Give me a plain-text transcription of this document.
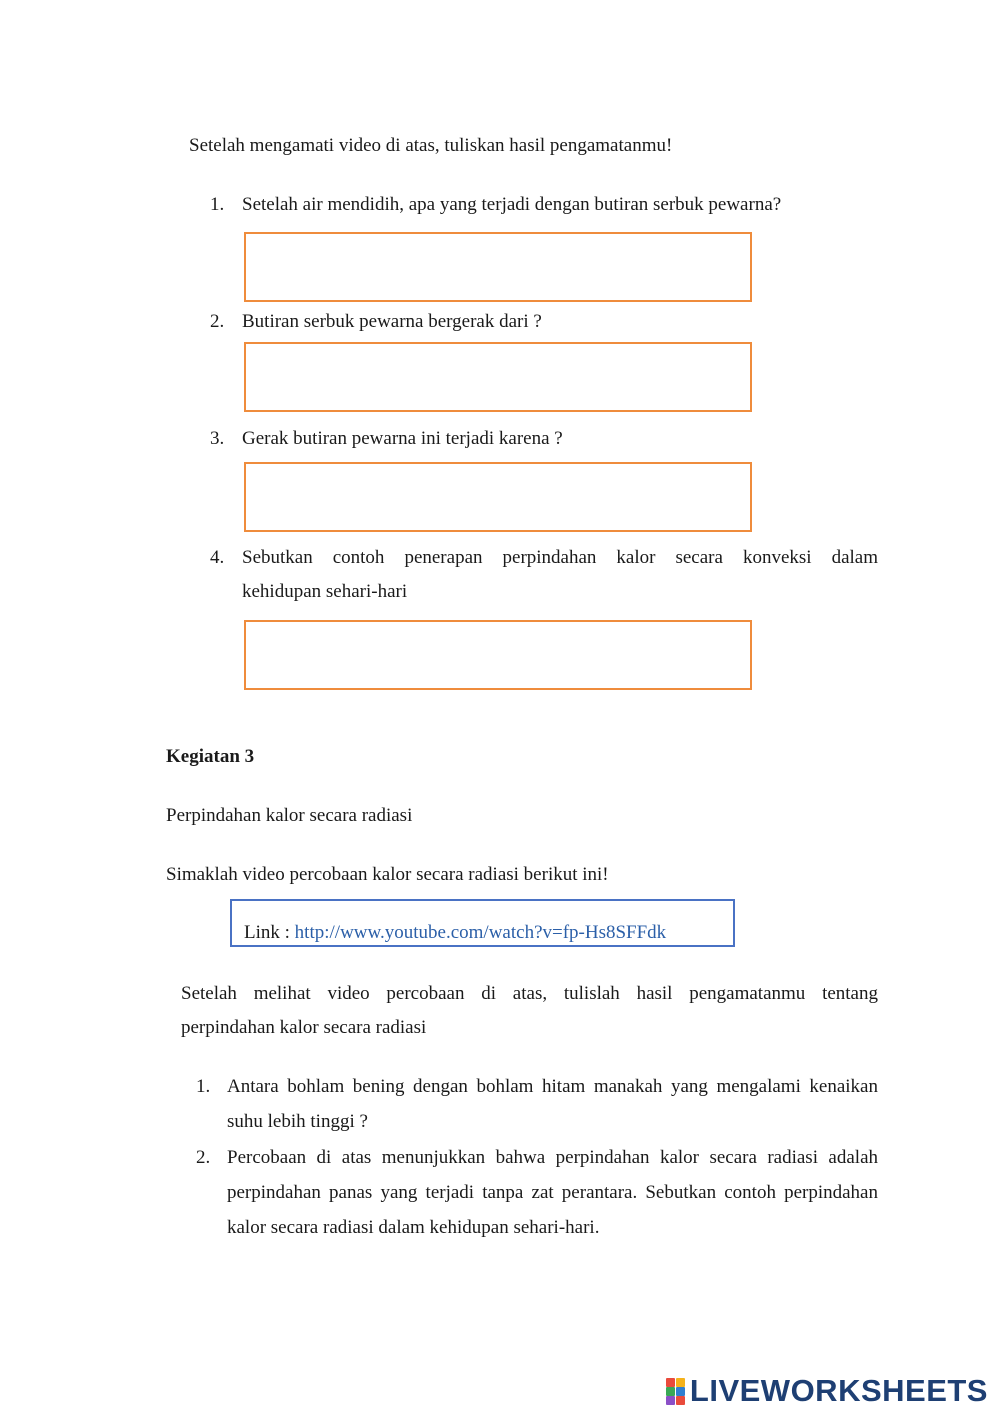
Setelah mengamati video di atas, tuliskan hasil pengamatanmu!
1. Setelah air mendidih, apa yang terjadi dengan butiran serbuk pewarna?
2. Butiran serbuk pewarna bergerak dari ?
3. Gerak butiran pewarna ini terjadi karena ?
4. Sebutkan contoh penerapan perpindahan kalor secara konveksi dalam
kehidupan sehari-hari
Kegiatan 3
Perpindahan kalor secara radiasi
Simaklah video percobaan kalor secara radiasi berikut ini!
Link : http://www.youtube.com/watch?v=fp-Hs8SFFdk
Setelah melihat video percobaan di atas, tulislah hasil pengamatanmu tentang
perpindahan kalor secara radiasi
1. Antara bohlam bening dengan bohlam hitam manakah yang mengalami kenaikan
suhu lebih tinggi ?
2. Percobaan di atas menunjukkan bahwa perpindahan kalor secara radiasi adalah
perpindahan panas yang terjadi tanpa zat perantara. Sebutkan contoh perpindahan
kalor secara radiasi dalam kehidupan sehari-hari.
LIVEWORKSHEETS
